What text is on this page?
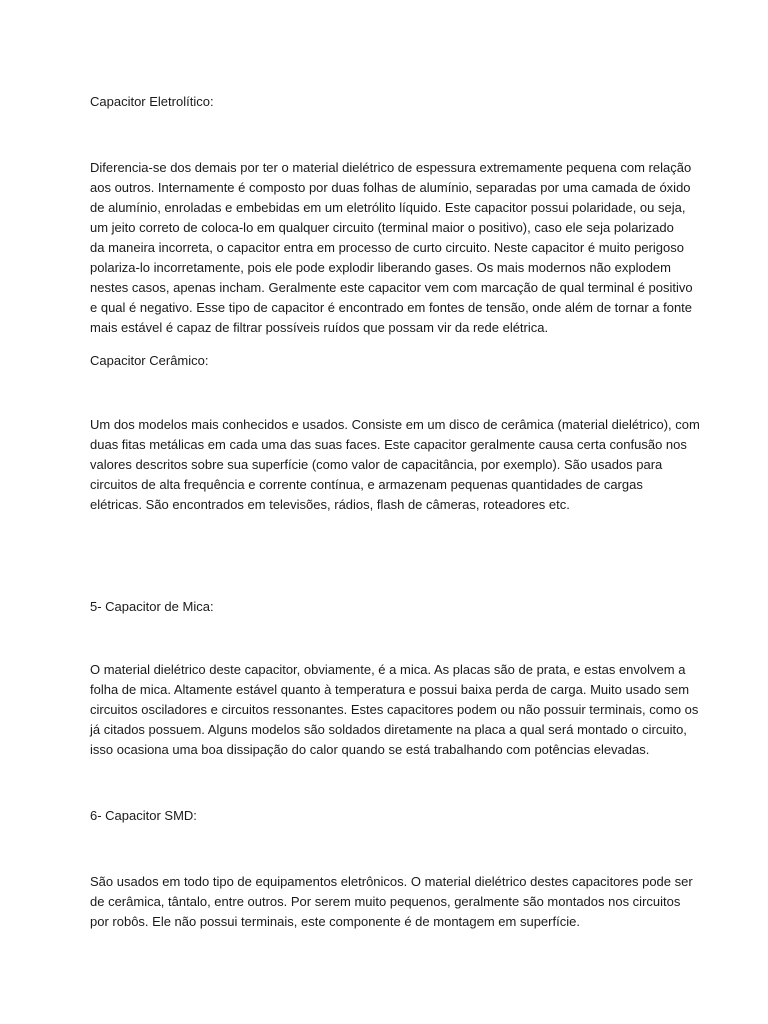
Capacitor Eletrolítico:
Diferencia-se dos demais por ter o material dielétrico de espessura extremamente pequena com relação
aos outros. Internamente é composto por duas folhas de alumínio, separadas por uma camada de óxido
de alumínio, enroladas e embebidas em um eletrólito líquido. Este capacitor possui polaridade, ou seja,
um jeito correto de coloca-lo em qualquer circuito (terminal maior o positivo), caso ele seja polarizado
da maneira incorreta, o capacitor entra em processo de curto circuito. Neste capacitor é muito perigoso
polariza-lo incorretamente, pois ele pode explodir liberando gases. Os mais modernos não explodem
nestes casos, apenas incham. Geralmente este capacitor vem com marcação de qual terminal é positivo
e qual é negativo. Esse tipo de capacitor é encontrado em fontes de tensão, onde além de tornar a fonte
mais estável é capaz de filtrar possíveis ruídos que possam vir da rede elétrica.
Capacitor Cerâmico:
Um dos modelos mais conhecidos e usados. Consiste em um disco de cerâmica (material dielétrico), com
duas fitas metálicas em cada uma das suas faces. Este capacitor geralmente causa certa confusão nos
valores descritos sobre sua superfície (como valor de capacitância, por exemplo). São usados para
circuitos de alta frequência e corrente contínua, e armazenam pequenas quantidades de cargas
elétricas. São encontrados em televisões, rádios, flash de câmeras, roteadores etc.
5- Capacitor de Mica:
O material dielétrico deste capacitor, obviamente, é a mica. As placas são de prata, e estas envolvem a
folha de mica. Altamente estável quanto à temperatura e possui baixa perda de carga. Muito usado sem
circuitos osciladores e circuitos ressonantes. Estes capacitores podem ou não possuir terminais, como os
já citados possuem. Alguns modelos são soldados diretamente na placa a qual será montado o circuito,
isso ocasiona uma boa dissipação do calor quando se está trabalhando com potências elevadas.
6- Capacitor SMD:
São usados em todo tipo de equipamentos eletrônicos. O material dielétrico destes capacitores pode ser
de cerâmica, tântalo, entre outros. Por serem muito pequenos, geralmente são montados nos circuitos
por robôs. Ele não possui terminais, este componente é de montagem em superfície.
